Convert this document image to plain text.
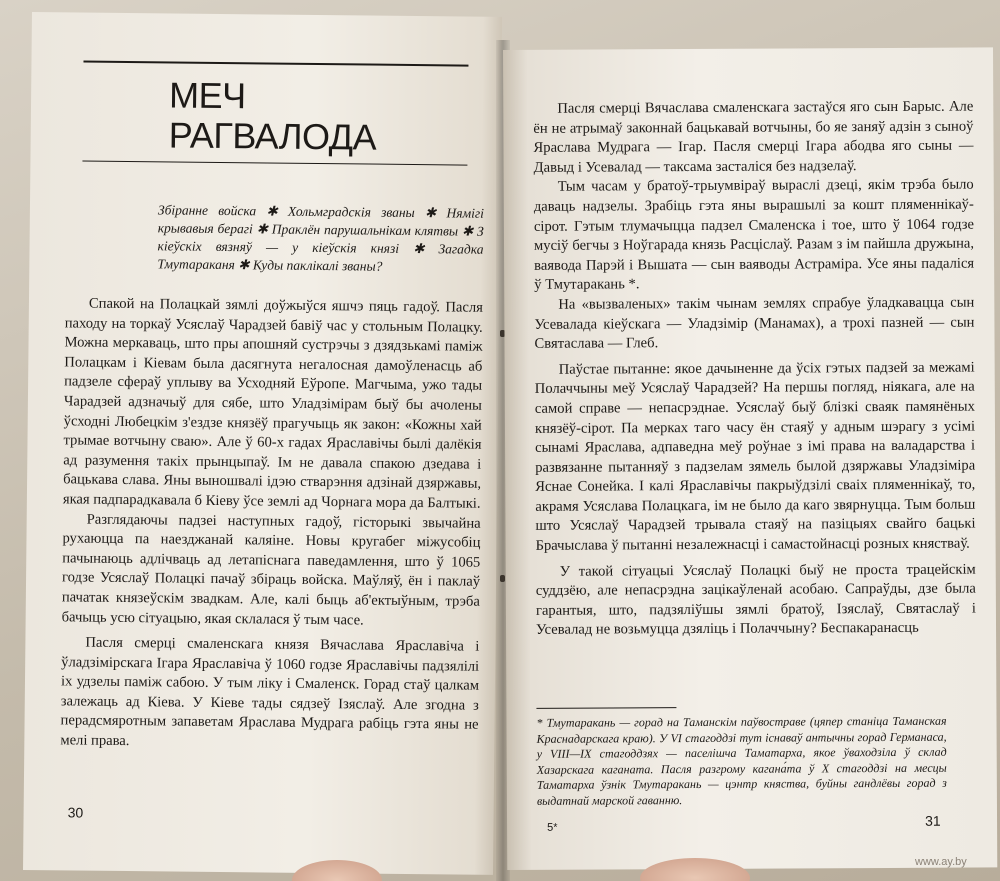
МЕЧ
РАГВАЛОДА
Збіранне войска ✱ Хольмградскія званы ✱ Нямігі крывавыя берагі ✱ Праклён парушальнікам клятвы ✱ З кіеўскіх вязняў — у кіеўскія князі ✱ Загадка Тмутараканя ✱ Куды паклікалі званы?

Спакой на Полацкай зямлі доўжыўся яшчэ пяць гадоў. Пасля паходу на торкаў Усяслаў Чарадзей бавіў час у стольным Полацку. Можна меркаваць, што пры апошняй сустрэчы з дзядзькамі паміж Полацкам і Кіевам была дасягнута негалосная дамоўленасць аб падзеле сфераў уплыву ва Усходняй Еўропе. Магчыма, ужо тады Чарадзей адзначыў для сябе, што Уладзімірам быў бы ачолены ўсходні Любецкім з'ездзе князёў прагучыць як закон: «Кожны хай трымае вотчыну сваю». Але ў 60-х гадах Яраславічы былі далёкія ад разумення такіх прынцыпаў. Ім не давала спакою дзедава і бацькава слава. Яны выношвалі ідэю стварэння адзінай дзяржавы, якая падпарадкавала б Кіеву ўсе землі ад Чорнага мора да Балтыкі.

Разглядаючы падзеі наступных гадоў, гісторыкі звычайна рухаюцца па наезджанай каляіне. Новы кругабег міжусобіц пачынаюць адлічваць ад летапіснага паведамлення, што ў 1065 годзе Усяслаў Полацкі пачаў збіраць войска. Маўляў, ён і паклаў пачатак князеўскім звадкам. Але, калі быць аб'ектыўным, трэба бачыць усю сітуацыю, якая склалася ў тым часе.

Пасля смерці смаленскага князя Вячаслава Яраславіча і ўладзімірскага Ігара Яраславіча ў 1060 годзе Яраславічы падзялілі іх удзелы паміж сабою. У тым ліку і Смаленск. Горад стаў цалкам залежаць ад Кіева. У Кіеве тады сядзеў Ізяслаў. Але згодна з перадсмяротным запаветам Яраслава Мудрага рабіць гэта яны не мелі права.

30

Пасля смерці Вячаслава смаленскага застаўся яго сын Барыс. Але ён не атрымаў законнай бацькавай вотчыны, бо яе заняў адзін з сыноў Яраслава Мудрага — Ігар. Пасля смерці Ігара абодва яго сыны — Давыд і Усевалад — таксама засталіся без надзелаў.

Тым часам у братоў-трыумвіраў выраслі дзеці, якім трэба было даваць надзелы. Зрабіць гэта яны вырашылі за кошт пляменнікаў-сірот. Гэтым тлумачыцца падзел Смаленска і тое, што ў 1064 годзе мусіў бегчы з Ноўгарада князь Расціслаў. Разам з ім пайшла дружына, ваявода Парэй і Вышата — сын ваяводы Астраміра. Усе яны падаліся ў Тмутаракань *.

На «вызваленых» такім чынам землях спрабуе ўладкавацца сын Усевалада кіеўскага — Уладзімір (Манамах), а трохі пазней — сын Святаслава — Глеб.

Паўстае пытанне: якое дачыненне да ўсіх гэтых падзей за межамі Полаччыны меў Усяслаў Чарадзей? На першы погляд, ніякага, але на самой справе — непасрэднае. Усяслаў быў блізкі сваяк памянёных князёў-сірот. Па мерках таго часу ён стаяў у адным шэрагу з усімі сынамі Яраслава, адпаведна меў роўнае з імі права на валадарства і развязанне пытанняў з падзелам зямель былой дзяржавы Уладзіміра Яснае Сонейка. І калі Яраславічы пакрыўдзілі сваіх пляменнікаў, то, акрамя Усяслава Полацкага, ім не было да каго звярнуцца. Тым больш што Усяслаў Чарадзей трывала стаяў на пазіцыях свайго бацькі Брачыслава ў пытанні незалежнасці і самастойнасці розных княстваў.

У такой сітуацыі Усяслаў Полацкі быў не проста трацейскім суддзёю, але непасрэдна зацікаўленай асобаю. Сапраўды, дзе была гарантыя, што, падзяліўшы зямлі братоў, Ізяслаў, Святаслаў і Усевалад не возьмуцца дзяліць і Полаччыну? Беспакаранасць

* Тмутаракань — горад на Таманскім паўвостраве (цяпер станіца Таманская Краснадарскага краю). У VI стагоддзі тут існаваў антычны горад Германаса, у VIII—IX стагоддзях — паселішча Таматарха, якое ўваходзіла ў склад Хазарскага каганата. Пасля разгрому кагана́та ў X стагоддзі на месцы Таматарха ўзнік Тмутаракань — цэнтр княства, буйны гандлёвы горад з выдатнай марской гаванню.
5*	31
www.ay.by
